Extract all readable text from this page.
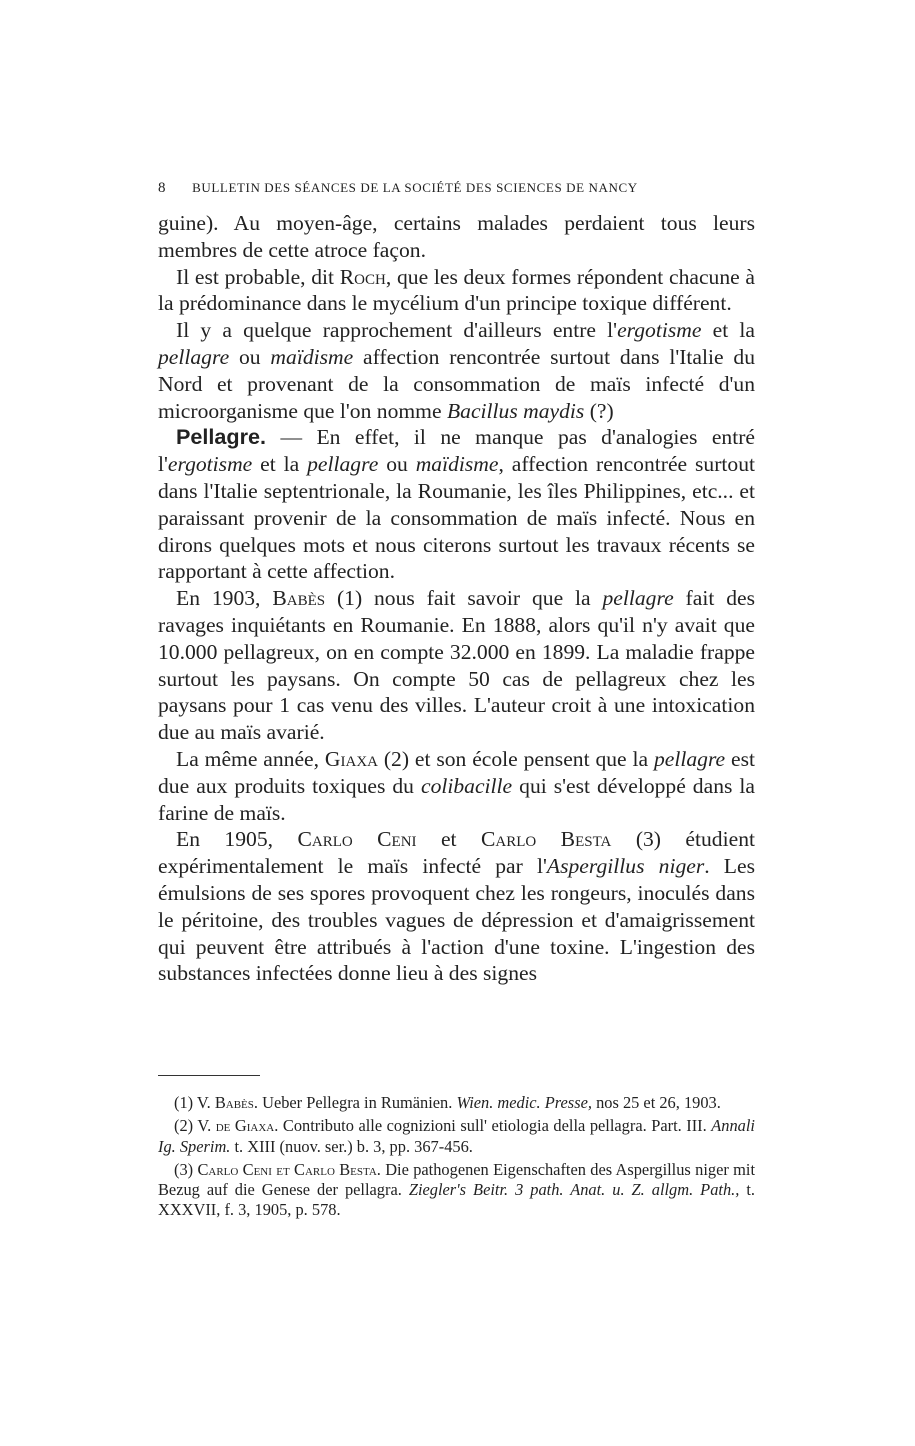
8 BULLETIN DES SÉANCES DE LA SOCIÉTÉ DES SCIENCES DE NANCY

guine). Au moyen-âge, certains malades perdaient tous leurs membres de cette atroce façon.

Il est probable, dit Roch, que les deux formes répondent chacune à la prédominance dans le mycélium d'un principe toxique différent.

Il y a quelque rapprochement d'ailleurs entre l'ergotisme et la pellagre ou maïdisme affection rencontrée surtout dans l'Italie du Nord et provenant de la consommation de maïs infecté d'un microorganisme que l'on nomme Bacillus maydis (?)

Pellagre. — En effet, il ne manque pas d'analogies entré l'ergotisme et la pellagre ou maïdisme, affection rencontrée surtout dans l'Italie septentrionale, la Roumanie, les îles Philippines, etc... et paraissant provenir de la consommation de maïs infecté. Nous en dirons quelques mots et nous citerons surtout les travaux récents se rapportant à cette affection.

En 1903, Babès (1) nous fait savoir que la pellagre fait des ravages inquiétants en Roumanie. En 1888, alors qu'il n'y avait que 10.000 pellagreux, on en compte 32.000 en 1899. La maladie frappe surtout les paysans. On compte 50 cas de pellagreux chez les paysans pour 1 cas venu des villes. L'auteur croit à une intoxication due au maïs avarié.

La même année, Giaxa (2) et son école pensent que la pellagre est due aux produits toxiques du colibacille qui s'est développé dans la farine de maïs.

En 1905, Carlo Ceni et Carlo Besta (3) étudient expérimentalement le maïs infecté par l'Aspergillus niger. Les émulsions de ses spores provoquent chez les rongeurs, inoculés dans le péritoine, des troubles vagues de dépression et d'amaigrissement qui peuvent être attribués à l'action d'une toxine. L'ingestion des substances infectées donne lieu à des signes

(1) V. Babès. Ueber Pellegra in Rumänien. Wien. medic. Presse, nos 25 et 26, 1903.

(2) V. de Giaxa. Contributo alle cognizioni sull' etiologia della pellagra. Part. III. Annali Ig. Sperim. t. XIII (nuov. ser.) b. 3, pp. 367-456.

(3) Carlo Ceni et Carlo Besta. Die pathogenen Eigenschaften des Aspergillus niger mit Bezug auf die Genese der pellagra. Ziegler's Beitr. 3 path. Anat. u. Z. allgm. Path., t. XXXVII, f. 3, 1905, p. 578.
